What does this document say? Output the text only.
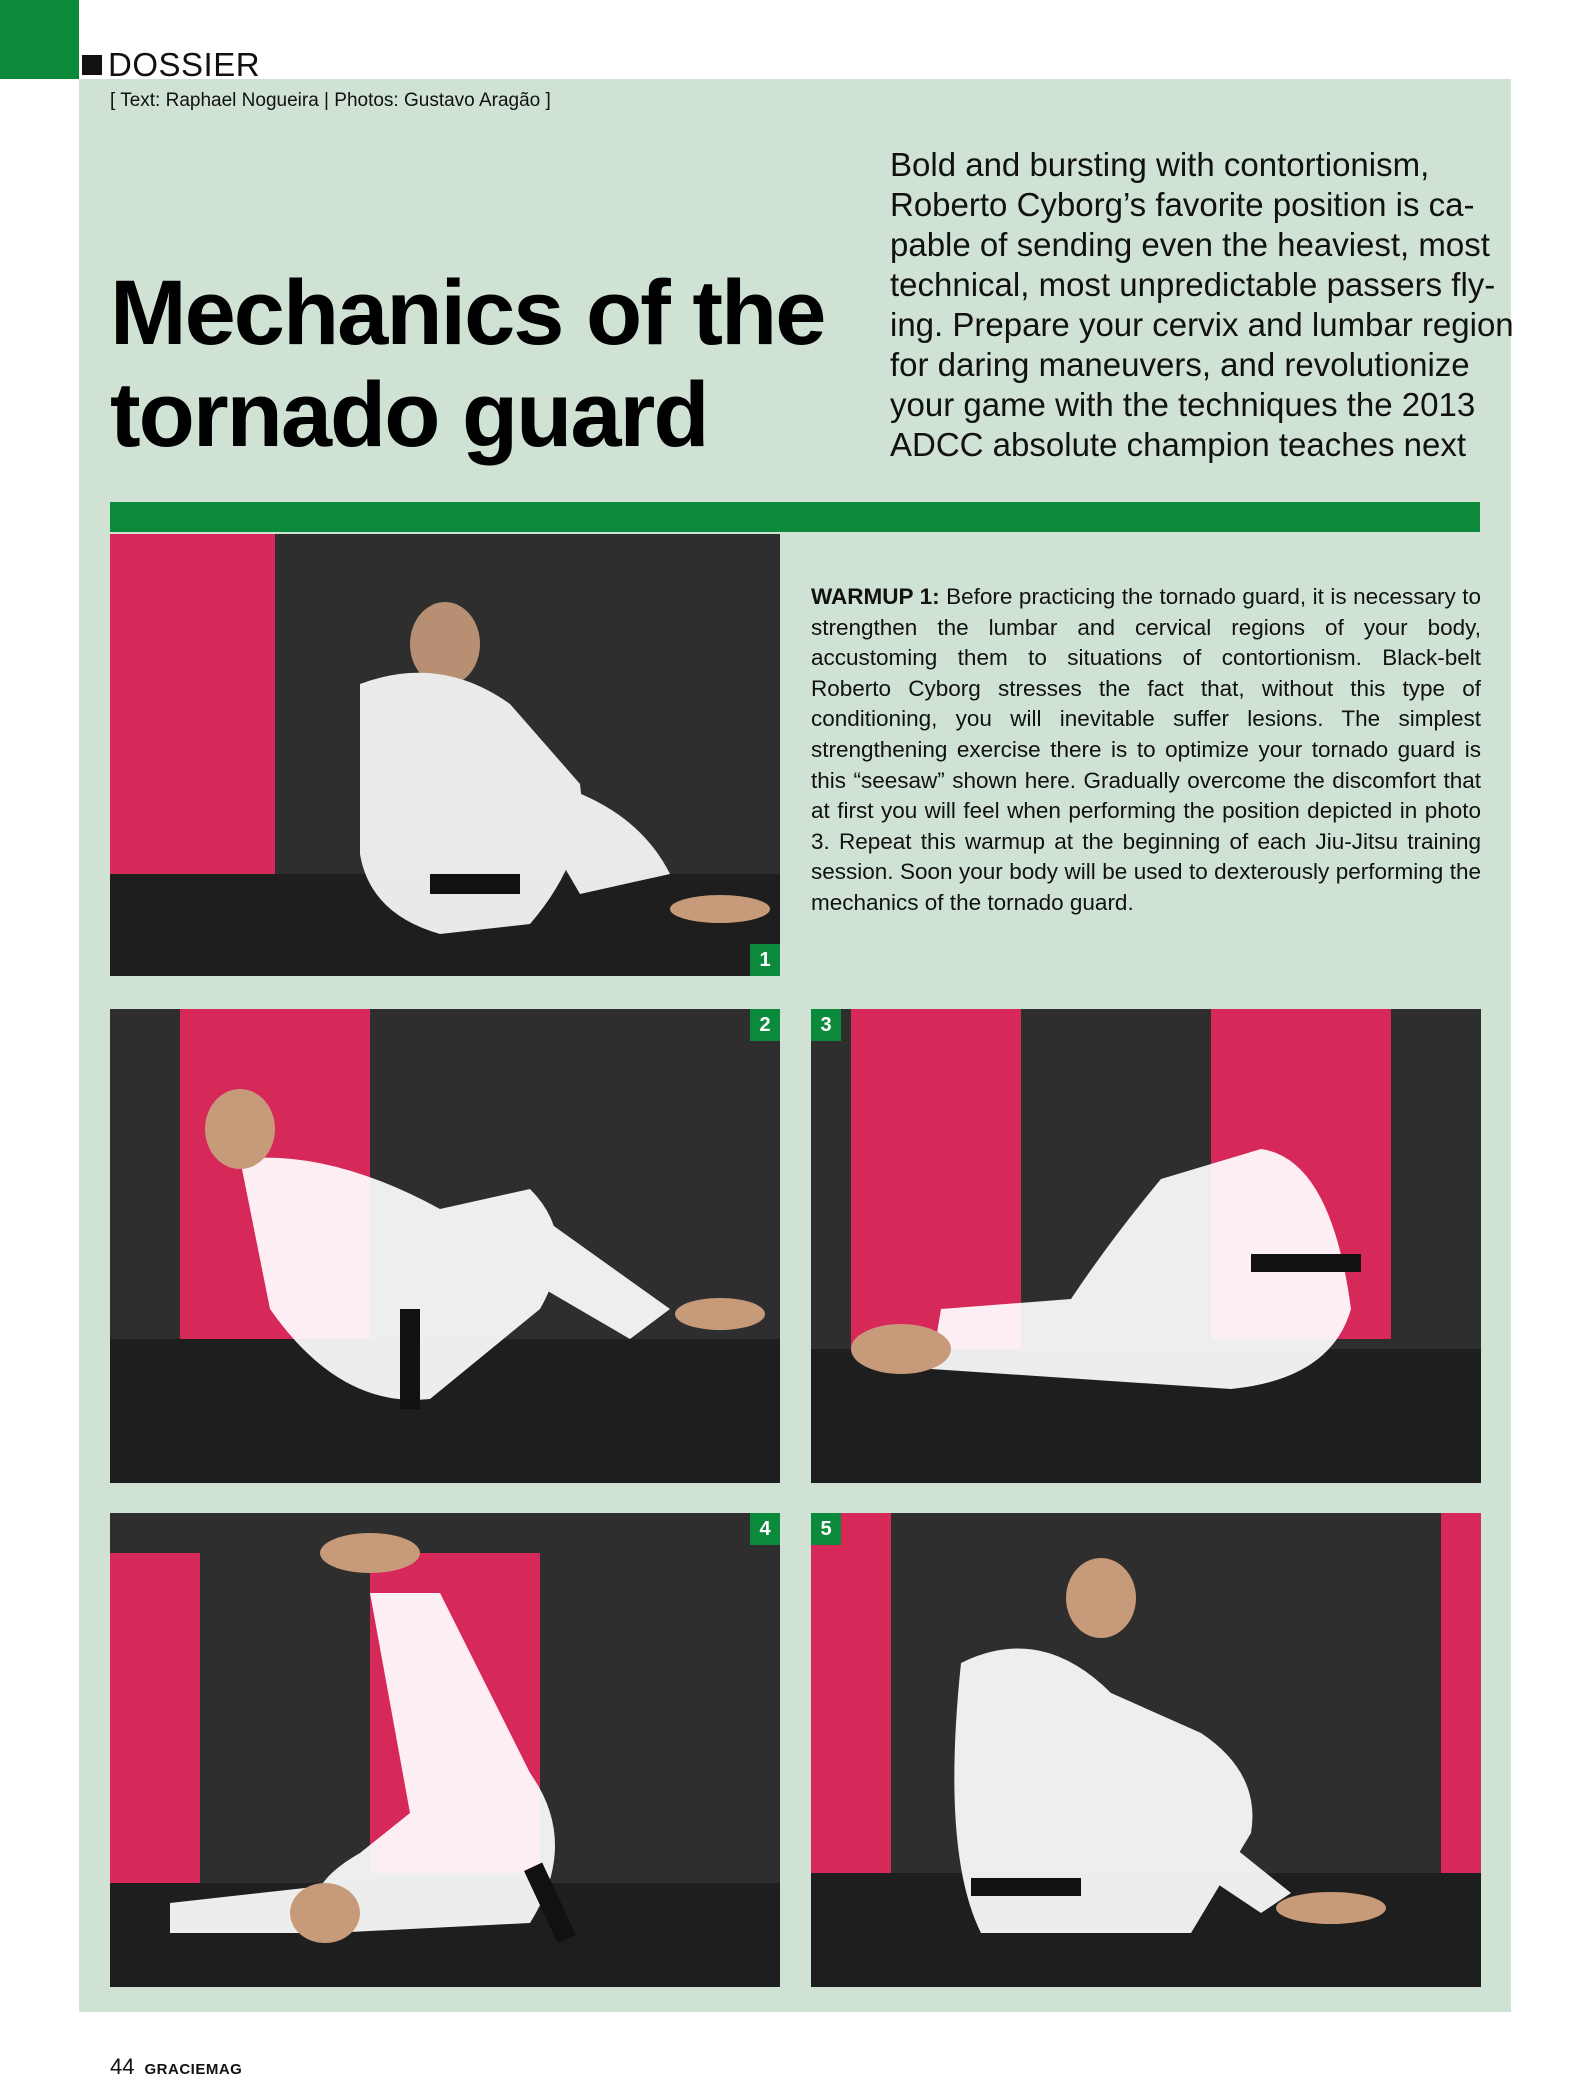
DOSSIER
[ Text: Raphael Nogueira | Photos: Gustavo Aragão ]
Mechanics of the
tornado guard

Bold and bursting with contortionism,
Roberto Cyborg’s favorite position is ca-
pable of sending even the heaviest, most
technical, most unpredictable passers fly-
ing. Prepare your cervix and lumbar region
for daring maneuvers, and revolutionize
your game with the techniques the 2013
ADCC absolute champion teaches next

1

WARMUP 1: Before practicing the tornado guard, it is necessary to strengthen the lumbar and cervical regions of your body, accustoming them to situations of contortionism. Black-belt Roberto Cyborg stresses the fact that, without this type of conditioning, you will inevitable suffer lesions. The simplest strengthening exercise there is to optimize your tornado guard is this “seesaw” shown here. Gradually overcome the discomfort that at first you will feel when performing the position depicted in photo 3. Repeat this warmup at the beginning of each Jiu-Jitsu training session. Soon your body will be used to dexterously performing the mechanics of the tornado guard.

2	3
4	5
44 GRACIEMAG
